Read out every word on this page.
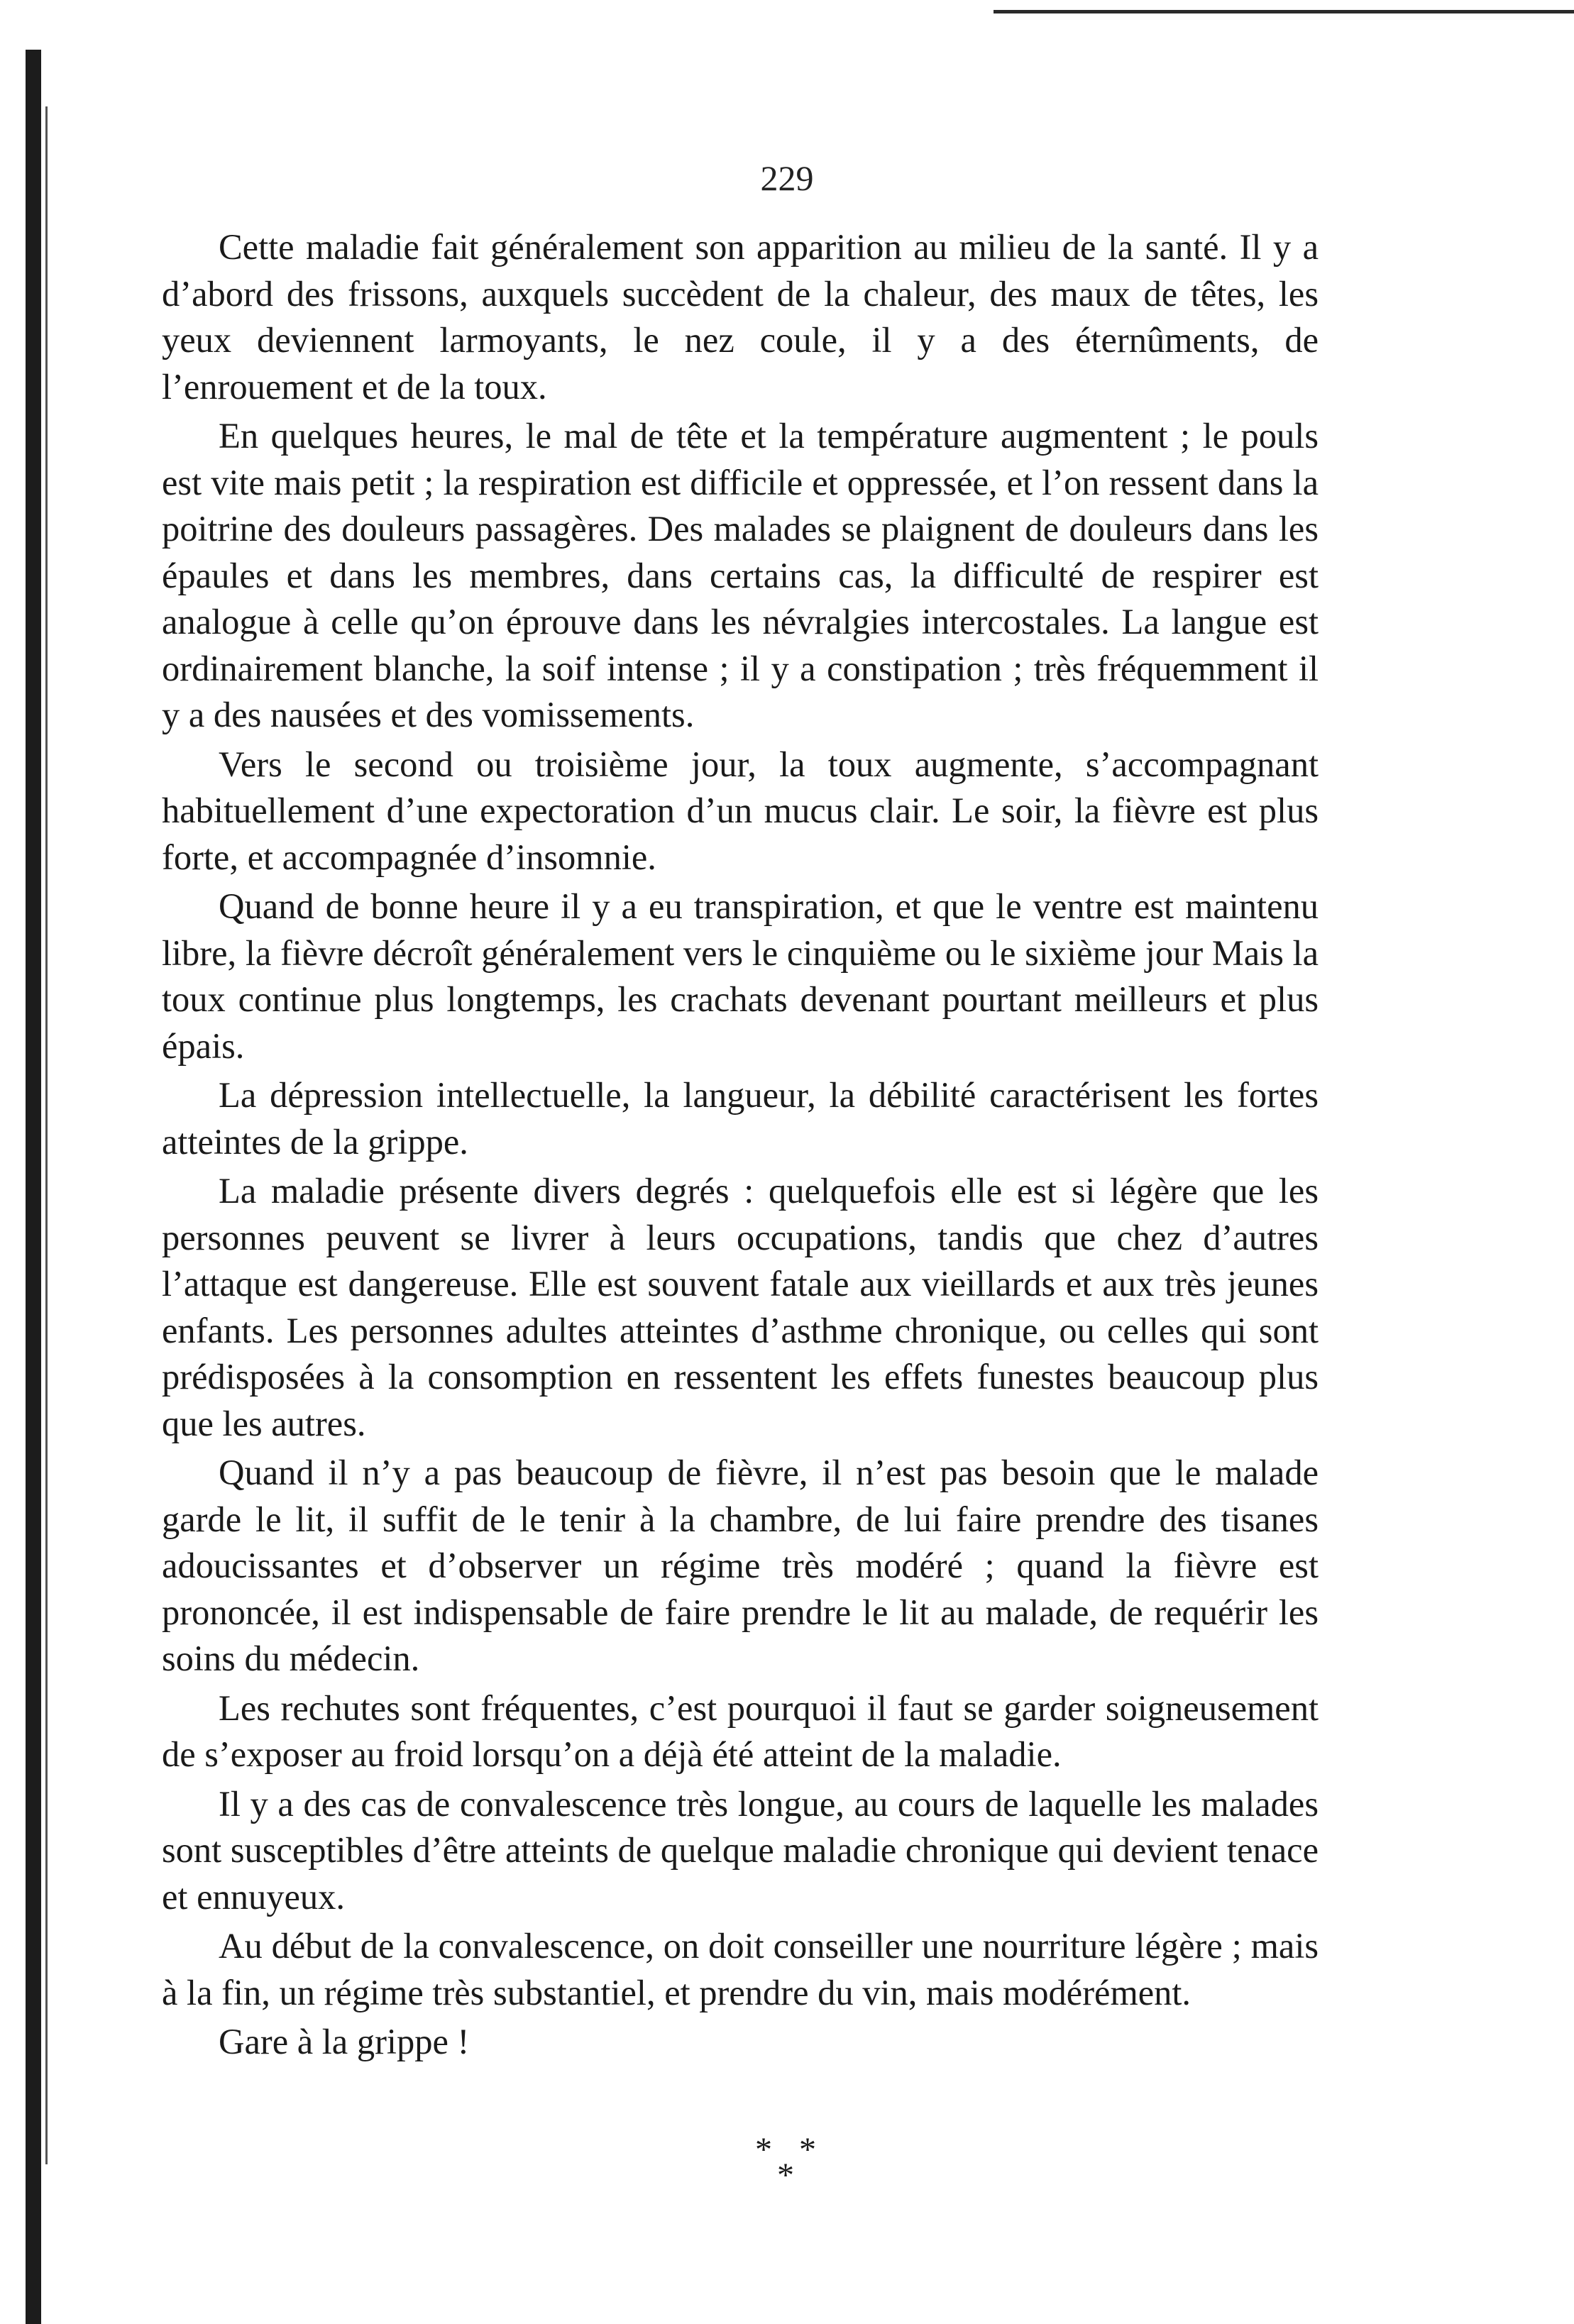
229

Cette maladie fait généralement son apparition au milieu de la santé. Il y a d’abord des frissons, auxquels succèdent de la chaleur, des maux de têtes, les yeux deviennent larmoyants, le nez coule, il y a des éternûments, de l’enrouement et de la toux.

En quelques heures, le mal de tête et la température augmentent ; le pouls est vite mais petit ; la respiration est difficile et oppressée, et l’on ressent dans la poitrine des douleurs passagères. Des malades se plaignent de douleurs dans les épaules et dans les membres, dans certains cas, la difficulté de respirer est analogue à celle qu’on éprouve dans les névralgies intercostales. La langue est ordinairement blanche, la soif intense ; il y a constipation ; très fréquemment il y a des nausées et des vomissements.

Vers le second ou troisième jour, la toux augmente, s’accompagnant habituellement d’une expectoration d’un mucus clair. Le soir, la fièvre est plus forte, et accompagnée d’insomnie.

Quand de bonne heure il y a eu transpiration, et que le ventre est maintenu libre, la fièvre décroît généralement vers le cinquième ou le sixième jour Mais la toux continue plus longtemps, les crachats devenant pourtant meilleurs et plus épais.

La dépression intellectuelle, la langueur, la débilité caractérisent les fortes atteintes de la grippe.

La maladie présente divers degrés : quelquefois elle est si légère que les personnes peuvent se livrer à leurs occupations, tandis que chez d’autres l’attaque est dangereuse. Elle est souvent fatale aux vieillards et aux très jeunes enfants. Les personnes adultes atteintes d’asthme chronique, ou celles qui sont prédisposées à la consomption en ressentent les effets funestes beaucoup plus que les autres.

Quand il n’y a pas beaucoup de fièvre, il n’est pas besoin que le malade garde le lit, il suffit de le tenir à la chambre, de lui faire prendre des tisanes adoucissantes et d’observer un régime très modéré ; quand la fièvre est prononcée, il est indispensable de faire prendre le lit au malade, de requérir les soins du médecin.

Les rechutes sont fréquentes, c’est pourquoi il faut se garder soigneusement de s’exposer au froid lorsqu’on a déjà été atteint de la maladie.

Il y a des cas de convalescence très longue, au cours de laquelle les malades sont susceptibles d’être atteints de quelque maladie chronique qui devient tenace et ennuyeux.

Au début de la convalescence, on doit conseiller une nourriture légère ; mais à la fin, un régime très substantiel, et prendre du vin, mais modérément.

Gare à la grippe !

* *
*
